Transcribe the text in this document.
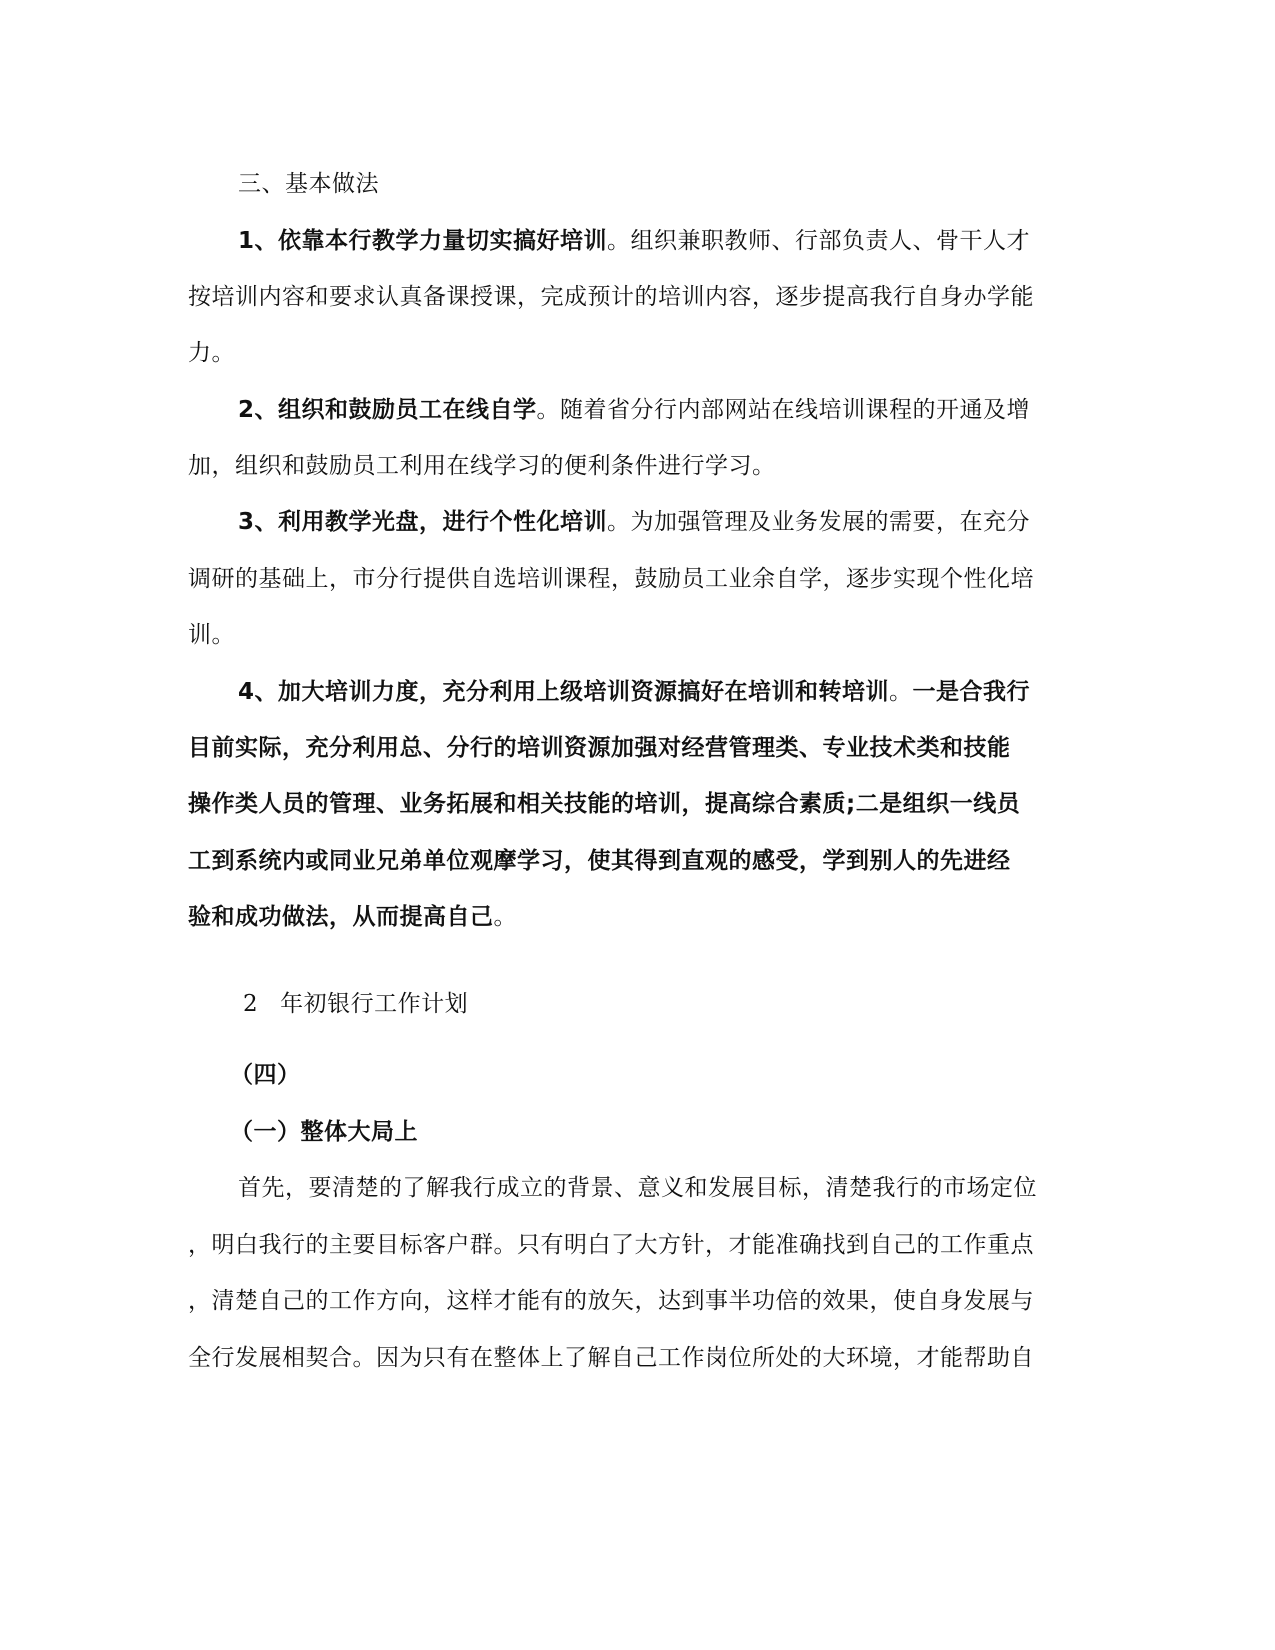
三、基本做法
1、依靠本行教学力量切实搞好培训。组织兼职教师、行部负责人、骨干人才
按培训内容和要求认真备课授课，完成预计的培训内容，逐步提高我行自身办学能
力。
2、组织和鼓励员工在线自学。随着省分行内部网站在线培训课程的开通及增
加，组织和鼓励员工利用在线学习的便利条件进行学习。
3、利用教学光盘，进行个性化培训。为加强管理及业务发展的需要，在充分
调研的基础上，市分行提供自选培训课程，鼓励员工业余自学，逐步实现个性化培
训。
4、加大培训力度，充分利用上级培训资源搞好在培训和转培训。一是合我行
目前实际，充分利用总、分行的培训资源加强对经营管理类、专业技术类和技能
操作类人员的管理、业务拓展和相关技能的培训，提高综合素质;二是组织一线员
工到系统内或同业兄弟单位观摩学习，使其得到直观的感受，学到别人的先进经
验和成功做法，从而提高自己。
2 年初银行工作计划
（四）
（一）整体大局上
首先，要清楚的了解我行成立的背景、意义和发展目标，清楚我行的市场定位
，明白我行的主要目标客户群。只有明白了大方针，才能准确找到自己的工作重点
，清楚自己的工作方向，这样才能有的放矢，达到事半功倍的效果，使自身发展与
全行发展相契合。因为只有在整体上了解自己工作岗位所处的大环境，才能帮助自
